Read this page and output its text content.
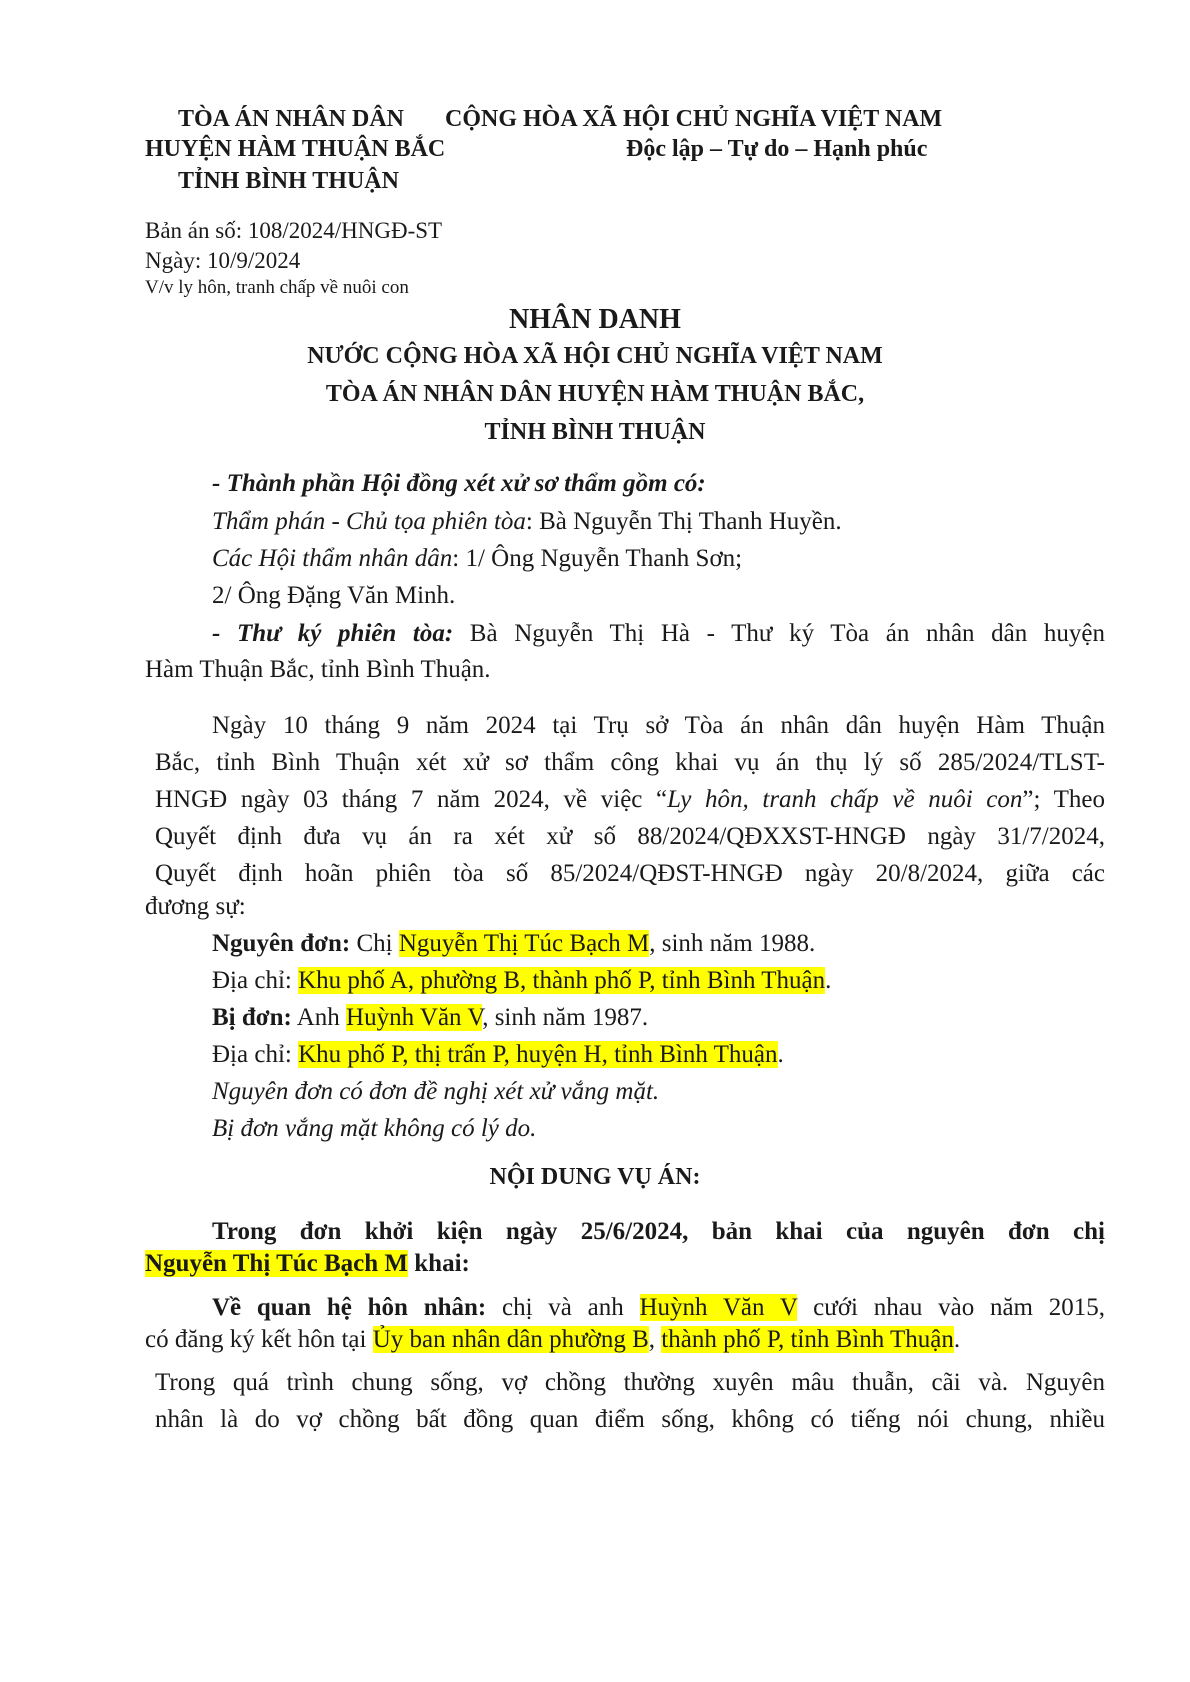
TÒA ÁN NHÂN DÂN CỘNG HÒA XÃ HỘI CHỦ NGHĨA VIỆT NAM
HUYỆN HÀM THUẬN BẮC	Độc lập – Tự do – Hạnh phúc
TỈNH BÌNH THUẬN
Bản án số: 108/2024/HNGĐ-ST
Ngày: 10/9/2024
V/v ly hôn, tranh chấp về nuôi con
NHÂN DANH
NƯỚC CỘNG HÒA XÃ HỘI CHỦ NGHĨA VIỆT NAM
TÒA ÁN NHÂN DÂN HUYỆN HÀM THUẬN BẮC,
TỈNH BÌNH THUẬN
- Thành phần Hội đồng xét xử sơ thẩm gồm có:
Thẩm phán - Chủ tọa phiên tòa: Bà Nguyễn Thị Thanh Huyền.
Các Hội thẩm nhân dân: 1/ Ông Nguyễn Thanh Sơn;
2/ Ông Đặng Văn Minh.
- Thư ký phiên tòa: Bà Nguyễn Thị Hà - Thư ký Tòa án nhân dân huyện
Hàm Thuận Bắc, tỉnh Bình Thuận.
Ngày 10 tháng 9 năm 2024 tại Trụ sở Tòa án nhân dân huyện Hàm Thuận
Bắc, tỉnh Bình Thuận xét xử sơ thẩm công khai vụ án thụ lý số 285/2024/TLST-
HNGĐ ngày 03 tháng 7 năm 2024, về việc “Ly hôn, tranh chấp về nuôi con”; Theo
Quyết định đưa vụ án ra xét xử số 88/2024/QĐXXST-HNGĐ ngày 31/7/2024,
Quyết định hoãn phiên tòa số 85/2024/QĐST-HNGĐ ngày 20/8/2024, giữa các
đương sự:
Nguyên đơn: Chị Nguyễn Thị Túc Bạch M, sinh năm 1988.
Địa chỉ: Khu phố A, phường B, thành phố P, tỉnh Bình Thuận.
Bị đơn: Anh Huỳnh Văn V, sinh năm 1987.
Địa chỉ: Khu phố P, thị trấn P, huyện H, tỉnh Bình Thuận.
Nguyên đơn có đơn đề nghị xét xử vắng mặt.
Bị đơn vắng mặt không có lý do.
NỘI DUNG VỤ ÁN:
Trong đơn khởi kiện ngày 25/6/2024, bản khai của nguyên đơn chị
Nguyễn Thị Túc Bạch M khai:
Về quan hệ hôn nhân: chị và anh Huỳnh Văn V cưới nhau vào năm 2015,
có đăng ký kết hôn tại Ủy ban nhân dân phường B, thành phố P, tỉnh Bình Thuận.
Trong quá trình chung sống, vợ chồng thường xuyên mâu thuẫn, cãi và. Nguyên
nhân là do vợ chồng bất đồng quan điểm sống, không có tiếng nói chung, nhiều
